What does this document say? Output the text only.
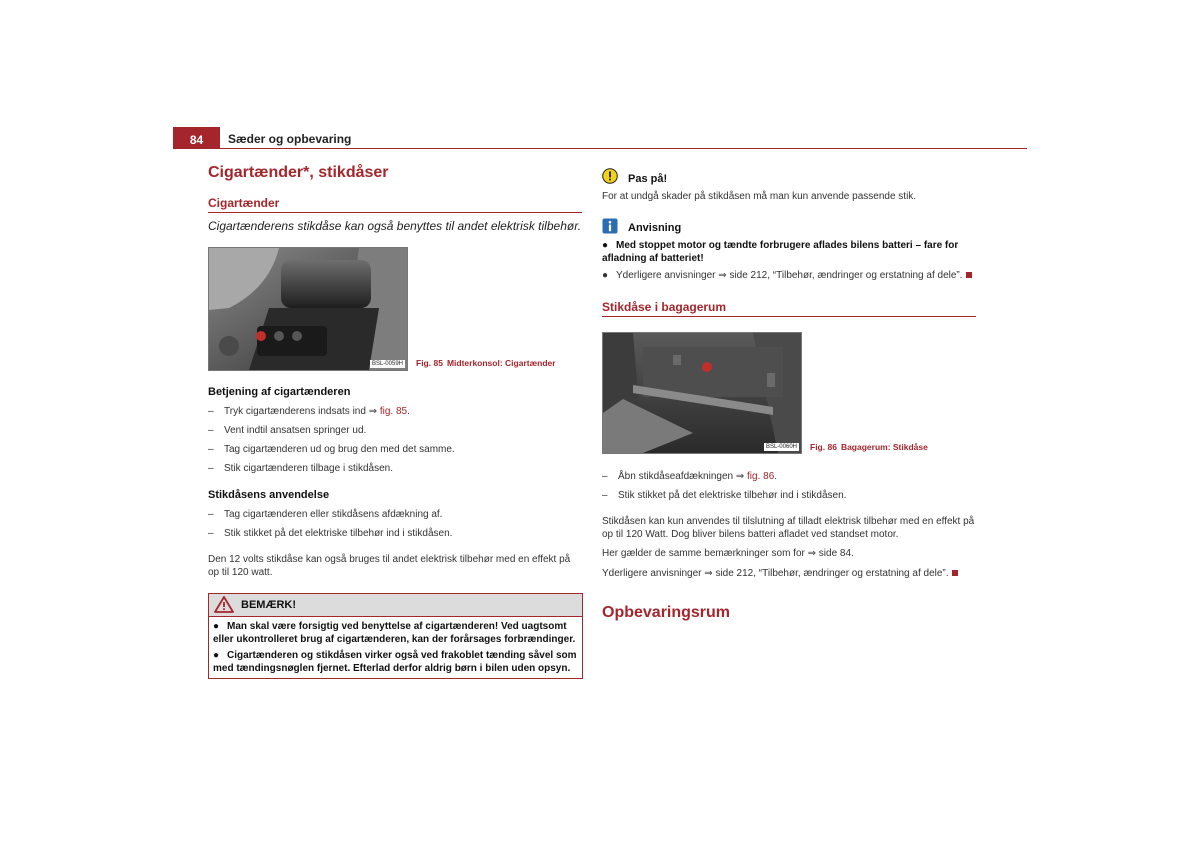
84	Sæder og opbevaring
Cigartænder*, stikdåser
Cigartænder
Cigartænderens stikdåse kan også benyttes til andet elektrisk tilbehør.
BSL-0059H Fig. 85 Midterkonsol: Cigartænder
Betjening af cigartænderen
– Tryk cigartænderens indsats ind ⇒ fig. 85.
– Vent indtil ansatsen springer ud.
– Tag cigartænderen ud og brug den med det samme.
– Stik cigartænderen tilbage i stikdåsen.
Stikdåsens anvendelse
– Tag cigartænderen eller stikdåsens afdækning af.
– Stik stikket på det elektriske tilbehør ind i stikdåsen.
Den 12 volts stikdåse kan også bruges til andet elektrisk tilbehør med en effekt på op til 120 watt.
BEMÆRK!

● Man skal være forsigtig ved benyttelse af cigartænderen! Ved uagtsomt eller ukontrolleret brug af cigartænderen, kan der forårsages forbrændinger.

● Cigartænderen og stikdåsen virker også ved frakoblet tænding såvel som med tændingsnøglen fjernet. Efterlad derfor aldrig børn i bilen uden opsyn.

Pas på!
For at undgå skader på stikdåsen må man kun anvende passende stik.
Anvisning
● Med stoppet motor og tændte forbrugere aflades bilens batteri – fare for afladning af batteriet!
● Yderligere anvisninger ⇒ side 212, “Tilbehør, ændringer og erstatning af dele”.
Stikdåse i bagagerum
BSL-0060H Fig. 86 Bagagerum: Stikdåse
– Åbn stikdåseafdækningen ⇒ fig. 86.
– Stik stikket på det elektriske tilbehør ind i stikdåsen.
Stikdåsen kan kun anvendes til tilslutning af tilladt elektrisk tilbehør med en effekt på op til 120 Watt. Dog bliver bilens batteri afladet ved standset motor.
Her gælder de samme bemærkninger som for ⇒ side 84.
Yderligere anvisninger ⇒ side 212, “Tilbehør, ændringer og erstatning af dele”.
Opbevaringsrum
